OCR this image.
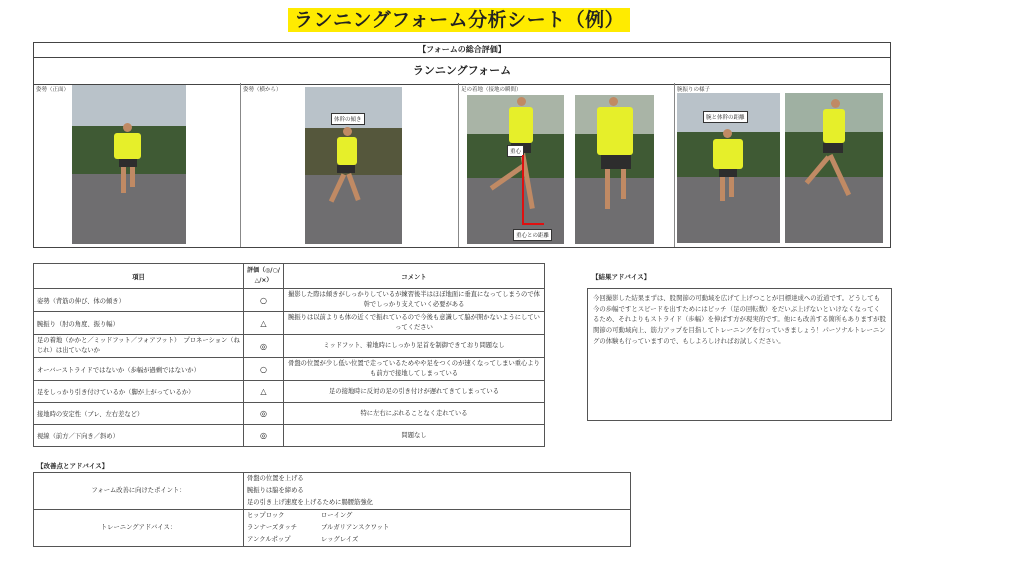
ランニングフォーム分析シート（例）
【フォームの総合評価】
ランニングフォーム
姿勢（正面）	姿勢（横から）
体幹の傾き
足の着地（接地の瞬間）
重心
重心との距離
腕振りの様子
腕と体幹の距離
項目	評価（◎/○/△/×）	コメント
姿勢（背筋の伸び、体の傾き）	○	撮影した際は傾きがしっかりしているが練習後半はほぼ地面に垂直になってしまうので体幹でしっかり支えていく必要がある
腕振り（肘の角度、振り幅）	△	腕振りは以前よりも体の近くで振れているので今後も意識して脇が開かないようにしていってください
足の着地（かかと／ミッドフット／フォアフット）　プロネーション（ねじれ）は出ていないか	◎	ミッドフット、着地時にしっかり足首を制御できており問題なし
オーバーストライドではないか（歩幅が過剰ではないか）	○	骨盤の位置が少し低い位置で走っているためやや足をつくのが速くなってしまい重心よりも前方で接地してしまっている
足をしっかり引き付けているか（脚が上がっているか）	△	足の接地時に反対の足の引き付けが遅れてきてしまっている
接地時の安定性（ブレ、左右差など）	◎	特に左右にぶれることなく走れている
視線（前方／下向き／斜め）	◎	問題なし
【結果アドバイス】
今回撮影した結果まずは、股関節の可動域を広げて上げつことが目標達成への近道です。どうしても今の歩幅ですとスピードを出すためにはピッチ（足の回転数）をだいぶ上げないといけなくなってくるため、それよりもストライド（歩幅）を伸ばす方が現実的です。他にも改善する箇所もありますが股関節の可動域向上、筋力アップを目指してトレーニングを行っていきましょう！パーソナルトレーニングの体験も行っていますので、もしよろしければお試しください。
【改善点とアドバイス】
フォーム改善に向けたポイント：	骨盤の位置を上げる
腕振りは脇を締める
足の引き上げ速度を上げるために腸腰筋強化

トレーニングアドバイス：	ヒップロック ローイング
ランナーズタッチ ブルガリアンスクワット
アンクルポップ レッグレイズ
